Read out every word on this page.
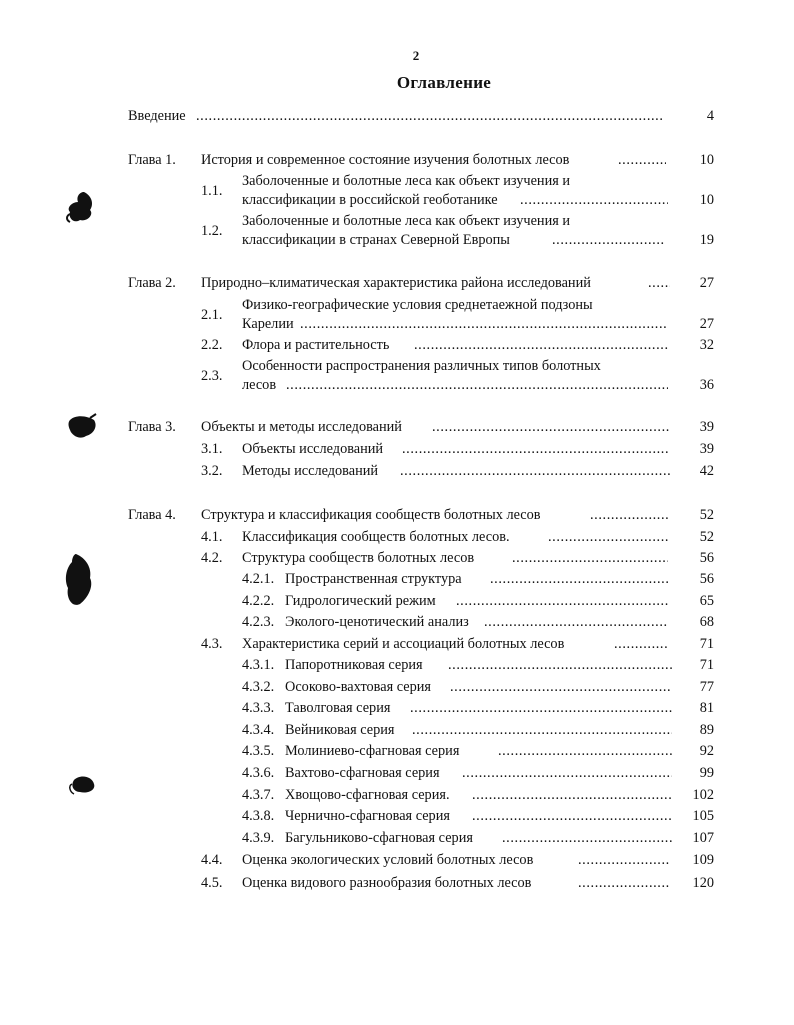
2
Оглавление
Введение .....	4
Глава 1. История и современное состояние изучения болотных лесов .....	10
1.1.
Заболоченные и болотные леса как объект изучения и
классификации в российской геоботанике .....	10
1.2.
Заболоченные и болотные леса как объект изучения и
классификации в странах Северной Европы .....	19
Глава 2. Природно–климатическая характеристика района исследований .....	27
2.1.
Физико-географические условия среднетаежной подзоны
Карелии .....	27
2.2. Флора и растительность .....	32
2.3.
Особенности распространения различных типов болотных
лесов .....	36
Глава 3. Объекты и методы исследований .....	39
3.1. Объекты исследований .....	39
3.2. Методы исследований .....	42
Глава 4. Структура и классификация сообществ болотных лесов .....	52
4.1. Классификация сообществ болотных лесов. .....	52
4.2. Структура сообществ болотных лесов .....	56
4.2.1. Пространственная структура .....	56
4.2.2. Гидрологический режим .....	65
4.2.3. Эколого-ценотический анализ .....	68
4.3. Характеристика серий и ассоциаций болотных лесов .....	71
4.3.1. Папоротниковая серия .....	71
4.3.2. Осоково-вахтовая серия .....	77
4.3.3. Таволговая серия .....	81
4.3.4. Вейниковая серия .....	89
4.3.5. Молиниево-сфагновая серия .....	92
4.3.6. Вахтово-сфагновая серия .....	99
4.3.7. Хвощово-сфагновая серия. .....	102
4.3.8. Чернично-сфагновая серия .....	105
4.3.9. Багульниково-сфагновая серия .....	107
4.4. Оценка экологических условий болотных лесов .....	109
4.5. Оценка видового разнообразия болотных лесов .....	120
